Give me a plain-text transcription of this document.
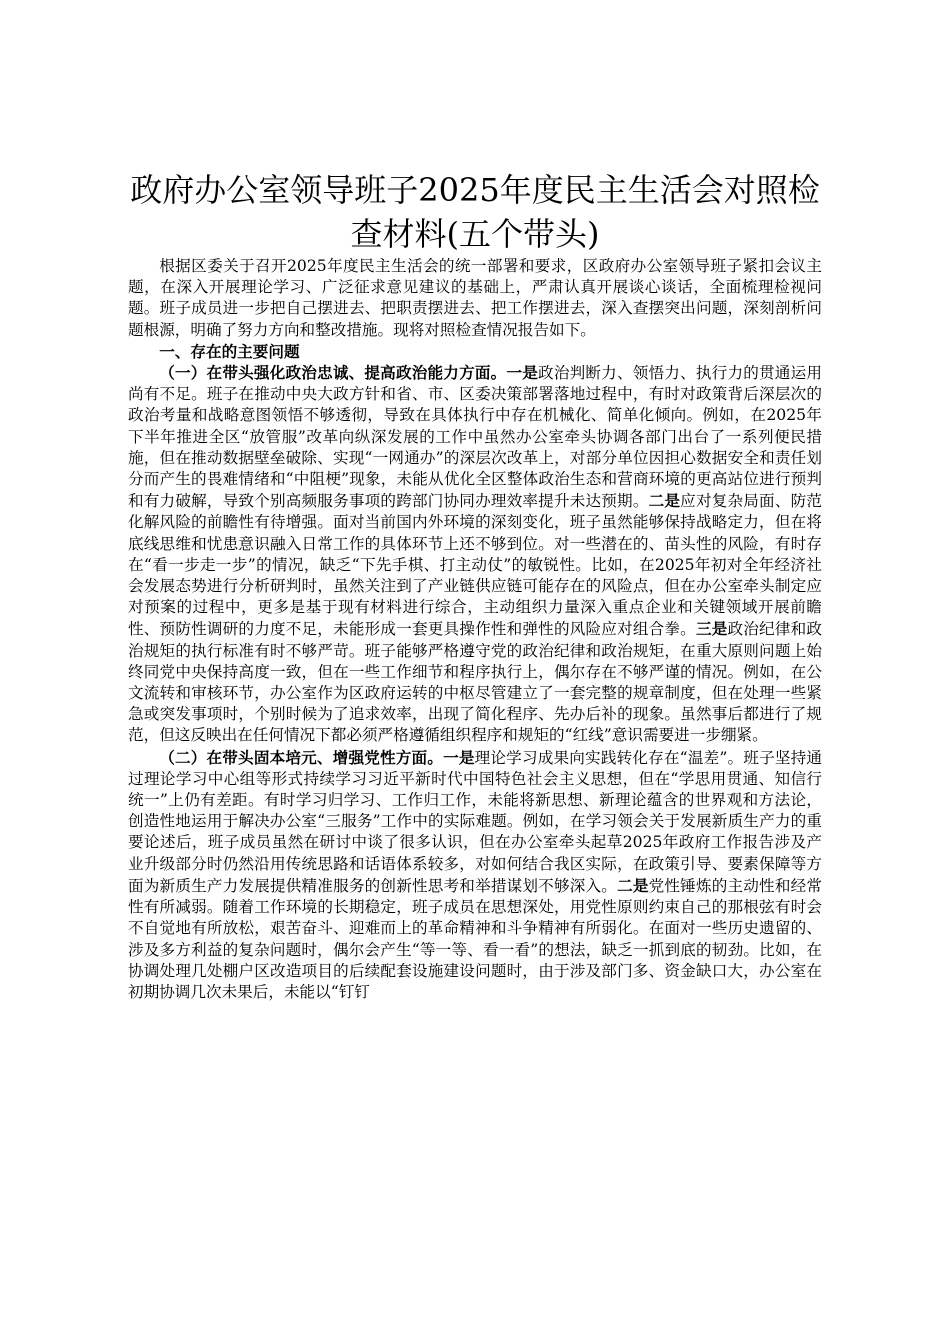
政府办公室领导班子2025年度民主生活会对照检查材料(五个带头)

根据区委关于召开2025年度民主生活会的统一部署和要求，区政府办公室领导班子紧扣会议主题，在深入开展理论学习、广泛征求意见建议的基础上，严肃认真开展谈心谈话，全面梳理检视问题。班子成员进一步把自己摆进去、把职责摆进去、把工作摆进去，深入查摆突出问题，深刻剖析问题根源，明确了努力方向和整改措施。现将对照检查情况报告如下。

一、存在的主要问题

（一）在带头强化政治忠诚、提高政治能力方面。一是政治判断力、领悟力、执行力的贯通运用尚有不足。班子在推动中央大政方针和省、市、区委决策部署落地过程中，有时对政策背后深层次的政治考量和战略意图领悟不够透彻，导致在具体执行中存在机械化、简单化倾向。例如，在2025年下半年推进全区“放管服”改革向纵深发展的工作中虽然办公室牵头协调各部门出台了一系列便民措施，但在推动数据壁垒破除、实现“一网通办”的深层次改革上，对部分单位因担心数据安全和责任划分而产生的畏难情绪和“中阻梗”现象，未能从优化全区整体政治生态和营商环境的更高站位进行预判和有力破解，导致个别高频服务事项的跨部门协同办理效率提升未达预期。二是应对复杂局面、防范化解风险的前瞻性有待增强。面对当前国内外环境的深刻变化，班子虽然能够保持战略定力，但在将底线思维和忧患意识融入日常工作的具体环节上还不够到位。对一些潜在的、苗头性的风险，有时存在“看一步走一步”的情况，缺乏“下先手棋、打主动仗”的敏锐性。比如，在2025年初对全年经济社会发展态势进行分析研判时，虽然关注到了产业链供应链可能存在的风险点，但在办公室牵头制定应对预案的过程中，更多是基于现有材料进行综合，主动组织力量深入重点企业和关键领域开展前瞻性、预防性调研的力度不足，未能形成一套更具操作性和弹性的风险应对组合拳。三是政治纪律和政治规矩的执行标准有时不够严苛。班子能够严格遵守党的政治纪律和政治规矩，在重大原则问题上始终同党中央保持高度一致，但在一些工作细节和程序执行上，偶尔存在不够严谨的情况。例如，在公文流转和审核环节，办公室作为区政府运转的中枢尽管建立了一套完整的规章制度，但在处理一些紧急或突发事项时，个别时候为了追求效率，出现了简化程序、先办后补的现象。虽然事后都进行了规范，但这反映出在任何情况下都必须严格遵循组织程序和规矩的“红线”意识需要进一步绷紧。

（二）在带头固本培元、增强党性方面。一是理论学习成果向实践转化存在“温差”。班子坚持通过理论学习中心组等形式持续学习习近平新时代中国特色社会主义思想，但在“学思用贯通、知信行统一”上仍有差距。有时学习归学习、工作归工作，未能将新思想、新理论蕴含的世界观和方法论，创造性地运用于解决办公室“三服务”工作中的实际难题。例如，在学习领会关于发展新质生产力的重要论述后，班子成员虽然在研讨中谈了很多认识，但在办公室牵头起草2025年政府工作报告涉及产业升级部分时仍然沿用传统思路和话语体系较多，对如何结合我区实际，在政策引导、要素保障等方面为新质生产力发展提供精准服务的创新性思考和举措谋划不够深入。二是党性锤炼的主动性和经常性有所减弱。随着工作环境的长期稳定，班子成员在思想深处，用党性原则约束自己的那根弦有时会不自觉地有所放松，艰苦奋斗、迎难而上的革命精神和斗争精神有所弱化。在面对一些历史遗留的、涉及多方利益的复杂问题时，偶尔会产生“等一等、看一看”的想法，缺乏一抓到底的韧劲。比如，在协调处理几处棚户区改造项目的后续配套设施建设问题时，由于涉及部门多、资金缺口大，办公室在初期协调几次未果后，未能以“钉钉
